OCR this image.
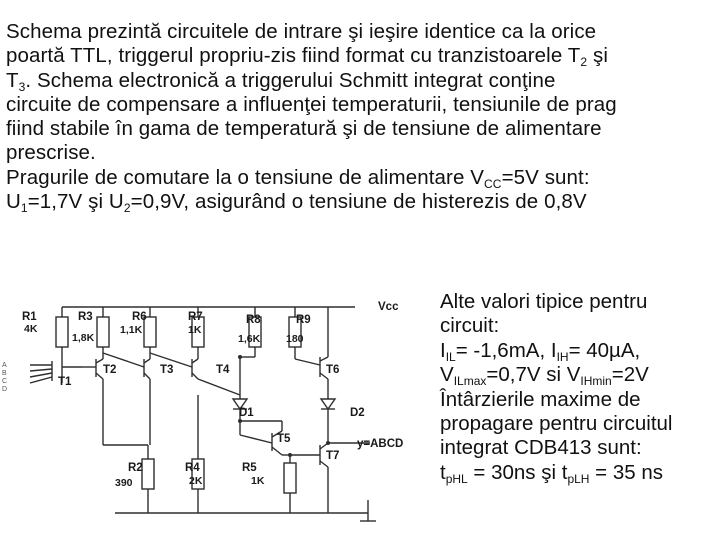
Schema prezintă circuitele de intrare şi ieşire identice ca la orice

poartă TTL, triggerul propriu-zis fiind format cu tranzistoarele $T_2$ şi

$T_3$. Schema electronică a triggerului Schmitt integrat conţine

circuite de compensare a influenţei temperaturii, tensiunile de prag

fiind stabile în gama de temperatură şi de tensiune de alimentare

prescrise.

Pragurile de comutare la o tensiune de alimentare $V_{CC}=5V$ sunt:

$U_1=1,7V$ şi $U_2=0,9V$, asigurând o tensiune de histerezis de 0,8V

Vcc
R1
4K
T1
A
B
C
D
R3
1,8K
T2
R6
1,1K
T3
R7
1K
T4
D1
R8
1,6K
R9
180
T6
D2
y=ABCD
T7
T5
R2
390
R4
2K
R5
1K

Alte valori tipice pentru

circuit:

$I_{IL}= -1,6mA$, $I_{IH}= 40\mu A$,

$V_{ILmax}=0,7V$ si $V_{IHmin}=2V$

Întârzierile maxime de

propagare pentru circuitul

integrat CDB413 sunt:

$t_{pHL} = 30ns$ şi $t_{pLH} = 35$ ns
